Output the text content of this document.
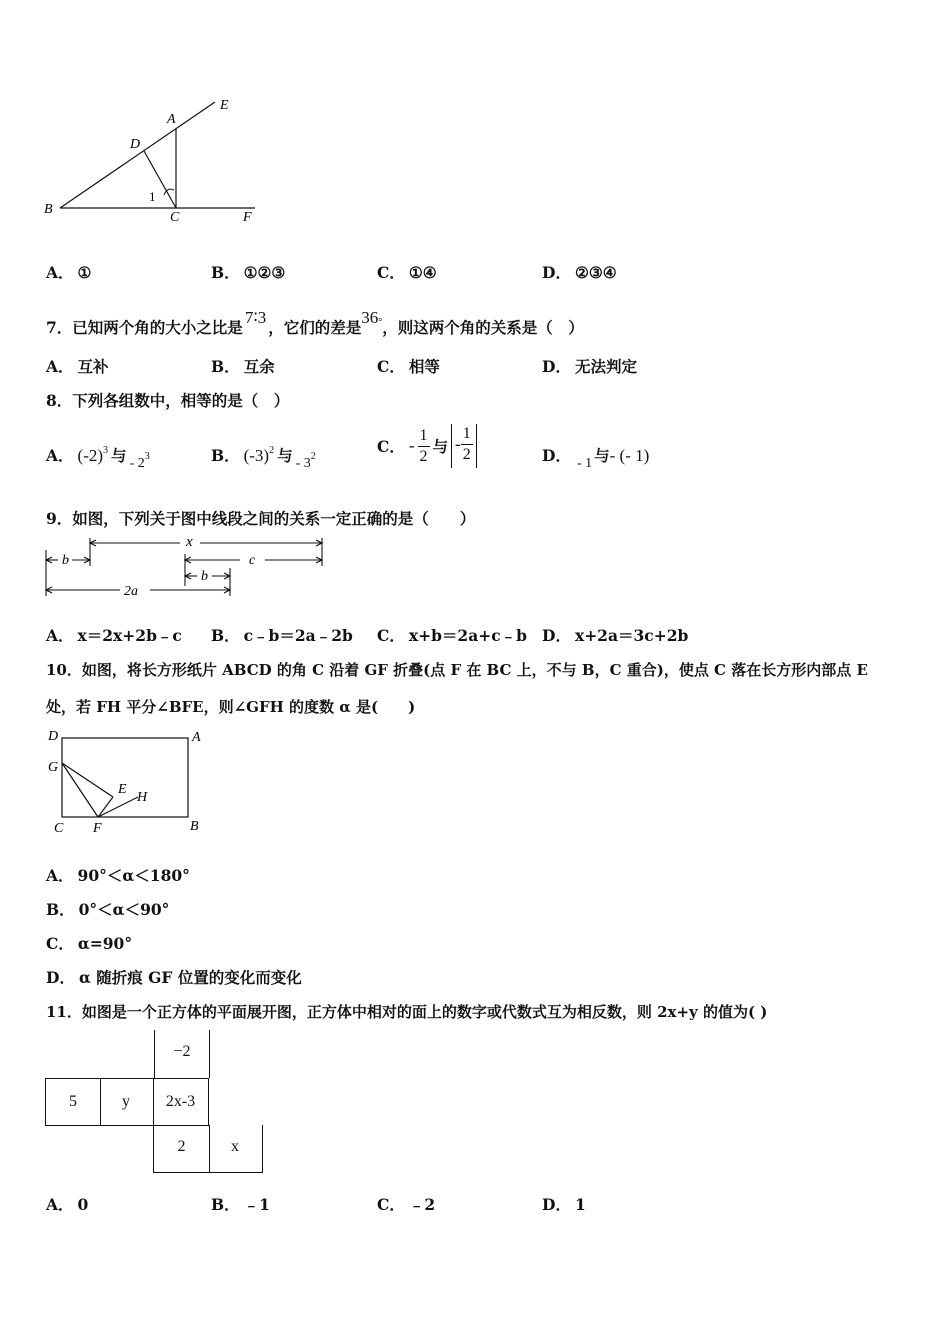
E
A
D
1
B
C	F
A． ①	B． ①②③	C． ①④	D． ②③④
7．已知两个角的大小之比是7∶3，它们的差是36°，则这两个角的关系是（　）
A． 互补	B． 互余	C． 相等	D． 无法判定
8．下列各组数中，相等的是（　）
A． $(-2)^3$ 与 - $2^3$	B． $(-3)^2$ 与 - $3^2$
C． - $\frac{1}{2}$ 与 - $\frac{1}{2}$	D． - 1 与- (- 1)
9．如图，下列关于图中线段之间的关系一定正确的是（　　）
b
x
c
b
2a
A． x＝2x+2b﹣c B． c﹣b＝2a﹣2b C． x+b＝2a+c﹣b D． x+2a＝3c+2b
10．如图，将长方形纸片 ABCD 的角 C 沿着 GF 折叠(点 F 在 BC 上，不与 B，C 重合)，使点 C 落在长方形内部点 E
处，若 FH 平分∠BFE，则∠GFH 的度数 α 是(　　)
D	A
G
E
H
C F	B
A． 90°＜α＜180°
B． 0°＜α＜90°
C． α=90°
D． α 随折痕 GF 位置的变化而变化
11．如图是一个正方体的平面展开图，正方体中相对的面上的数字或代数式互为相反数，则 2x+y 的值为( )
−2
5	y	2x-3
2	x
A． 0	B． ﹣1	C． ﹣2	D． 1
